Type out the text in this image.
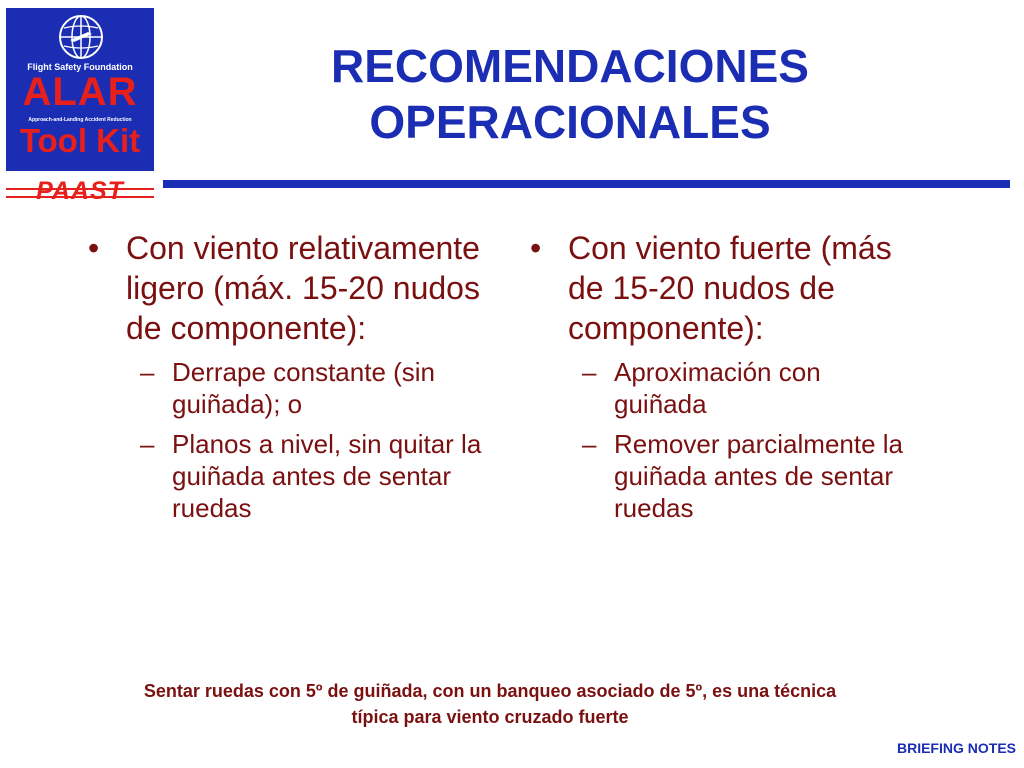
Flight Safety Foundation
ALAR
Approach-and-Landing Accident Reduction
Tool Kit
PAAST
RECOMENDACIONES
OPERACIONALES
• Con viento relativamente ligero (máx. 15-20 nudos de componente):
– Derrape constante (sin guiñada); o
– Planos a nivel, sin quitar la guiñada antes de sentar ruedas
• Con viento fuerte (más de 15-20 nudos de componente):
– Aproximación con guiñada
– Remover parcialmente la guiñada antes de sentar ruedas
Sentar ruedas con 5º de guiñada, con un banqueo asociado de 5º, es una técnica típica para viento cruzado fuerte
BRIEFING NOTES
